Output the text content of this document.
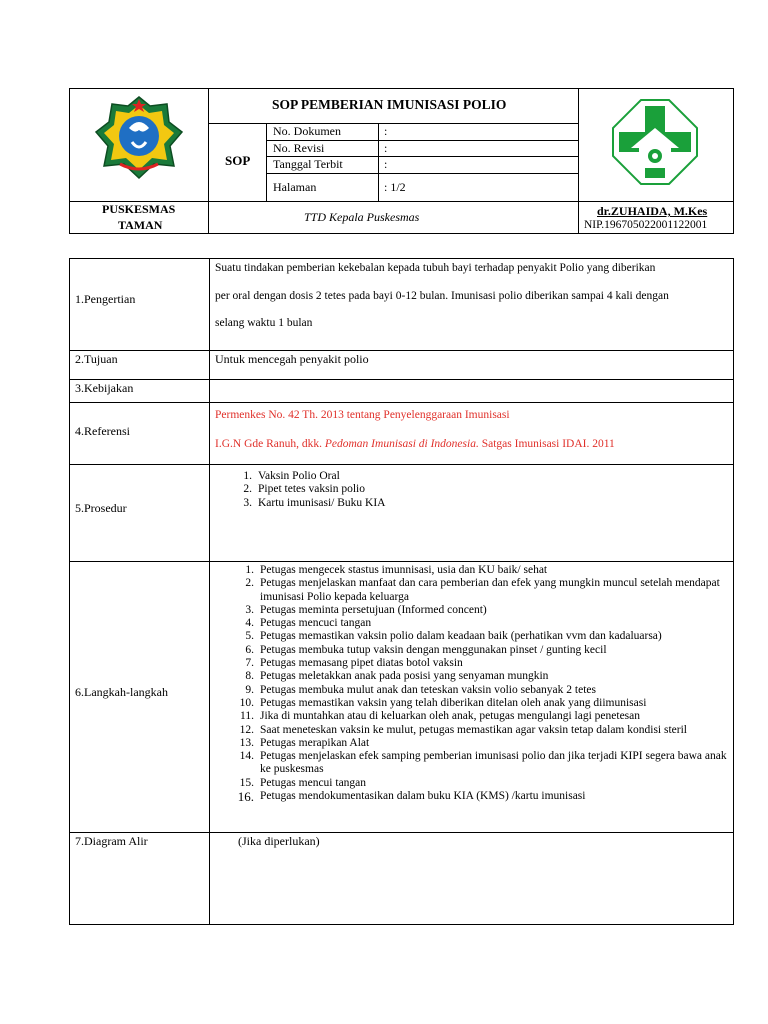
SOP PEMBERIAN IMUNISASI POLIO
SOP
No. Dokumen	:
No. Revisi	:
Tanggal Terbit	:
Halaman	: 1/2
PUSKESMAS
TAMAN
TTD Kepala Puskesmas	dr.ZUHAIDA, M.Kes
NIP.196705022001122001
1.Pengertian
Suatu tindakan pemberian kekebalan kepada tubuh bayi terhadap penyakit Polio yang diberikan
per oral dengan dosis 2 tetes pada bayi 0-12 bulan. Imunisasi polio diberikan sampai 4 kali dengan
selang waktu 1 bulan
2.Tujuan	Untuk mencegah penyakit polio
3.Kebijakan
4.Referensi
Permenkes No. 42 Th. 2013 tentang Penyelenggaraan Imunisasi
I.G.N Gde Ranuh, dkk. Pedoman Imunisasi di Indonesia. Satgas Imunisasi IDAI. 2011
5.Prosedur
1. Vaksin Polio Oral
2. Pipet tetes vaksin polio
3. Kartu imunisasi/ Buku KIA
6.Langkah-langkah
1. Petugas mengecek stastus imunnisasi, usia dan KU baik/ sehat
2. Petugas menjelaskan manfaat dan cara pemberian dan efek yang mungkin muncul setelah mendapat imunisasi Polio kepada keluarga
3. Petugas meminta persetujuan (Informed concent)
4. Petugas mencuci tangan
5. Petugas memastikan vaksin polio dalam keadaan baik (perhatikan vvm dan kadaluarsa)
6. Petugas membuka tutup vaksin dengan menggunakan pinset / gunting kecil
7. Petugas memasang pipet diatas botol vaksin
8. Petugas meletakkan anak pada posisi yang senyaman mungkin
9. Petugas membuka mulut anak dan teteskan vaksin volio sebanyak 2 tetes
10. Petugas memastikan vaksin yang telah diberikan ditelan oleh anak yang diimunisasi
11. Jika di muntahkan atau di keluarkan oleh anak, petugas mengulangi lagi penetesan
12. Saat meneteskan vaksin ke mulut, petugas memastikan agar vaksin tetap dalam kondisi steril
13. Petugas merapikan Alat
14. Petugas menjelaskan efek samping pemberian imunisasi polio dan jika terjadi KIPI segera bawa anak ke puskesmas
15. Petugas mencui tangan
16. Petugas mendokumentasikan dalam buku KIA (KMS) /kartu imunisasi
7.Diagram Alir	(Jika diperlukan)
